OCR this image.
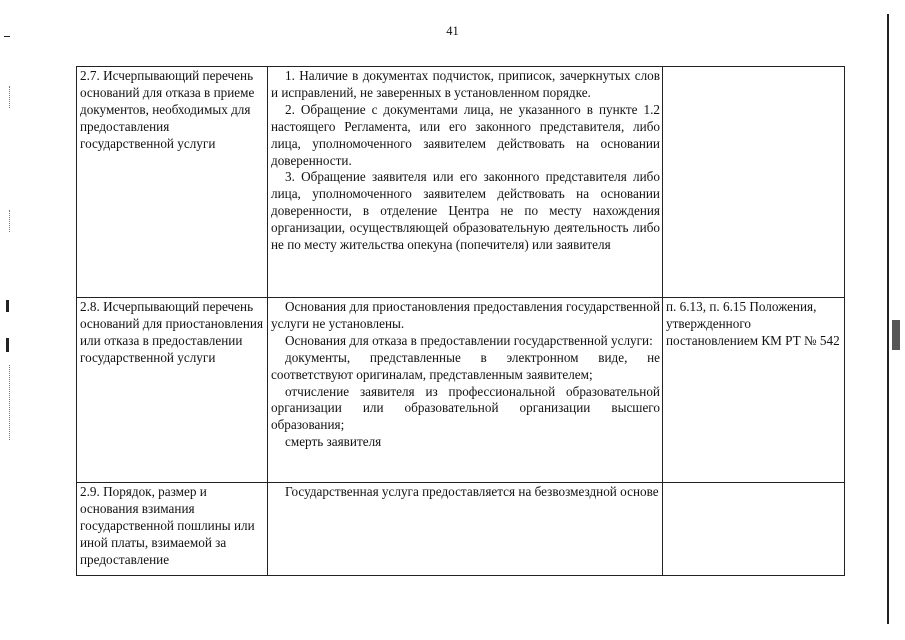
41
2.7. Исчерпывающий перечень оснований для отказа в приеме документов, необходимых для предоставления государственной услуги	1. Наличие в документах подчисток, приписок, зачеркнутых слов и исправлений, не заверенных в установленном порядке.

2. Обращение с документами лица, не указанного в пункте 1.2 настоящего Регламента, или его законного представителя, либо лица, уполномоченного заявителем действовать на основании доверенности.

3. Обращение заявителя или его законного представителя либо лица, уполномоченного заявителем действовать на основании доверенности, в отделение Центра не по месту нахождения организации, осуществляющей образовательную деятельность либо не по месту жительства опекуна (попечителя) или заявителя	

2.8. Исчерпывающий перечень оснований для приостановления или отказа в предоставлении государственной услуги	Основания для приостановления предоставления государственной услуги не установлены.

Основания для отказа в предоставлении государственной услуги:

документы, представленные в электронном виде, не соответствуют оригиналам, представленным заявителем;

отчисление заявителя из профессиональной образовательной организации или образовательной организации высшего образования;

смерть заявителя	п. 6.13, п. 6.15 Положения, утвержденного постановлением КМ РТ № 542
2.9. Порядок, размер и основания взимания государственной пошлины или иной платы, взимаемой за предоставление	Государственная услуга предоставляется на безвозмездной основе	
